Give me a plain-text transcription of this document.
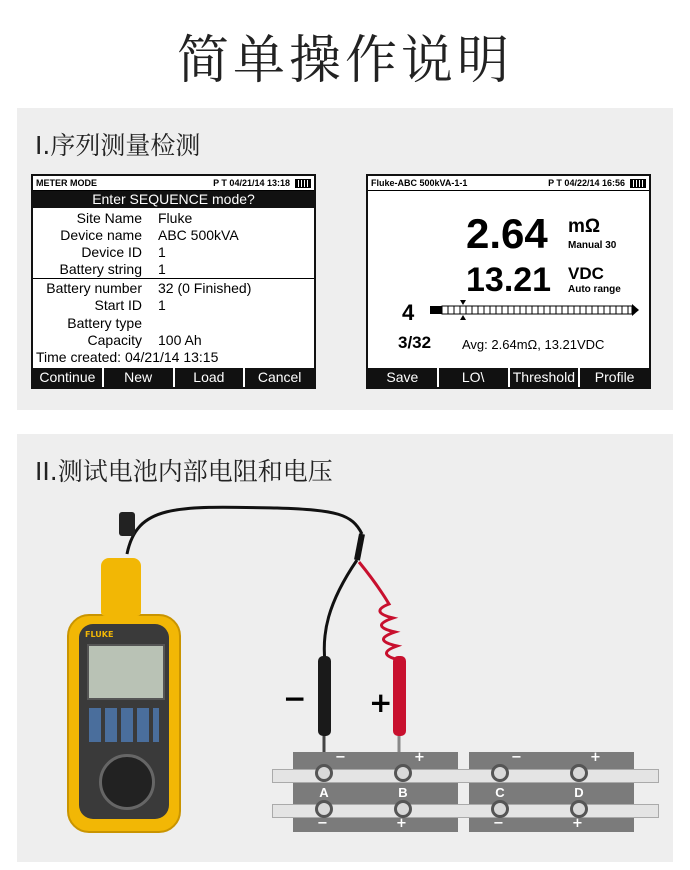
简单操作说明
I.序列测量检测
METER MODE	P T 04/21/14 13:18
Enter SEQUENCE mode?
Site Name Fluke
Device name ABC 500kVA
Device ID 1
Battery string 1
Battery number 32 (0 Finished)
Start ID 1
Battery type
Capacity 100 Ah
Time created: 04/21/14 13:15
Continue	New	Load	Cancel
Fluke-ABC 500kVA-1-1	P T 04/22/14 16:56
2.64 mΩ
Manual 30
13.21 VDC
Auto range
4
3/32 Avg: 2.64mΩ, 13.21VDC
Save	LO\	Threshold	Profile
II.测试电池内部电阻和电压
− +
FLUKE
A
−
−
B
+
+
C
−
−
D
+
+
